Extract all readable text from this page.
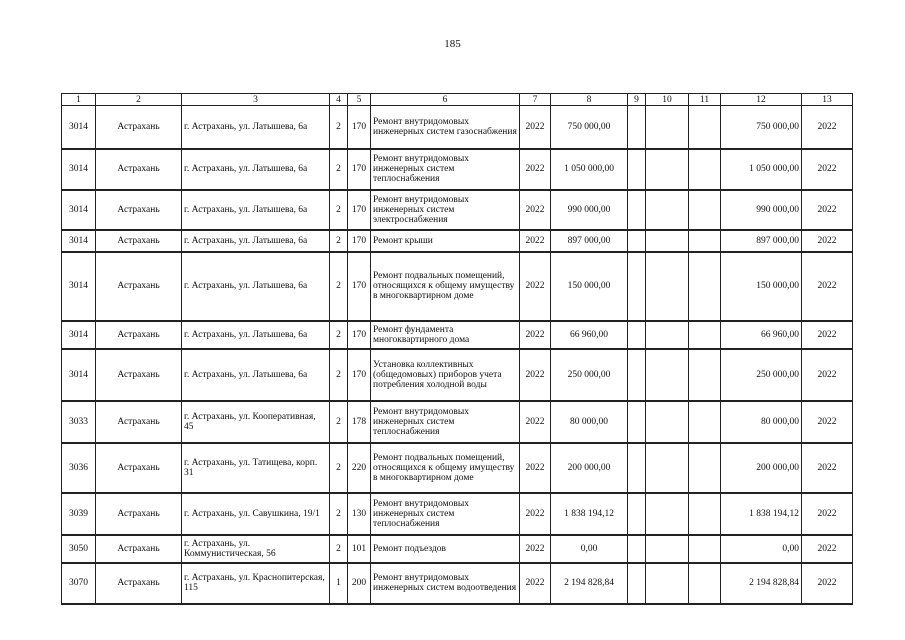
185
1	2	3	4	5	6	7	8	9	10	11	12	13
3014	Астрахань	г. Астрахань, ул. Латышева, 6а	2	170	Ремонт внутридомовых инженерных систем газоснабжения	2022	750 000,00				750 000,00	2022
3014	Астрахань	г. Астрахань, ул. Латышева, 6а	2	170	Ремонт внутридомовых инженерных систем теплоснабжения	2022	1 050 000,00				1 050 000,00	2022
3014	Астрахань	г. Астрахань, ул. Латышева, 6а	2	170	Ремонт внутридомовых инженерных систем электроснабжения	2022	990 000,00				990 000,00	2022
3014	Астрахань	г. Астрахань, ул. Латышева, 6а	2	170	Ремонт крыши	2022	897 000,00				897 000,00	2022
3014	Астрахань	г. Астрахань, ул. Латышева, 6а	2	170	Ремонт подвальных помещений, относящихся к общему имуществу в многоквартирном доме	2022	150 000,00				150 000,00	2022
3014	Астрахань	г. Астрахань, ул. Латышева, 6а	2	170	Ремонт фундамента многоквартирного дома	2022	66 960,00				66 960,00	2022
3014	Астрахань	г. Астрахань, ул. Латышева, 6а	2	170	Установка коллективных (общедомовых) приборов учета потребления холодной воды	2022	250 000,00				250 000,00	2022
3033	Астрахань	г. Астрахань, ул. Кооперативная, 45	2	178	Ремонт внутридомовых инженерных систем теплоснабжения	2022	80 000,00				80 000,00	2022
3036	Астрахань	г. Астрахань, ул. Татищева, корп. 31	2	220	Ремонт подвальных помещений, относящихся к общему имуществу в многоквартирном доме	2022	200 000,00				200 000,00	2022
3039	Астрахань	г. Астрахань, ул. Савушкина, 19/1	2	130	Ремонт внутридомовых инженерных систем теплоснабжения	2022	1 838 194,12				1 838 194,12	2022
3050	Астрахань	г. Астрахань, ул. Коммунистическая, 56	2	101	Ремонт подъездов	2022	0,00				0,00	2022
3070	Астрахань	г. Астрахань, ул. Краснопитерская, 115	1	200	Ремонт внутридомовых инженерных систем водоотведения	2022	2 194 828,84				2 194 828,84	2022
